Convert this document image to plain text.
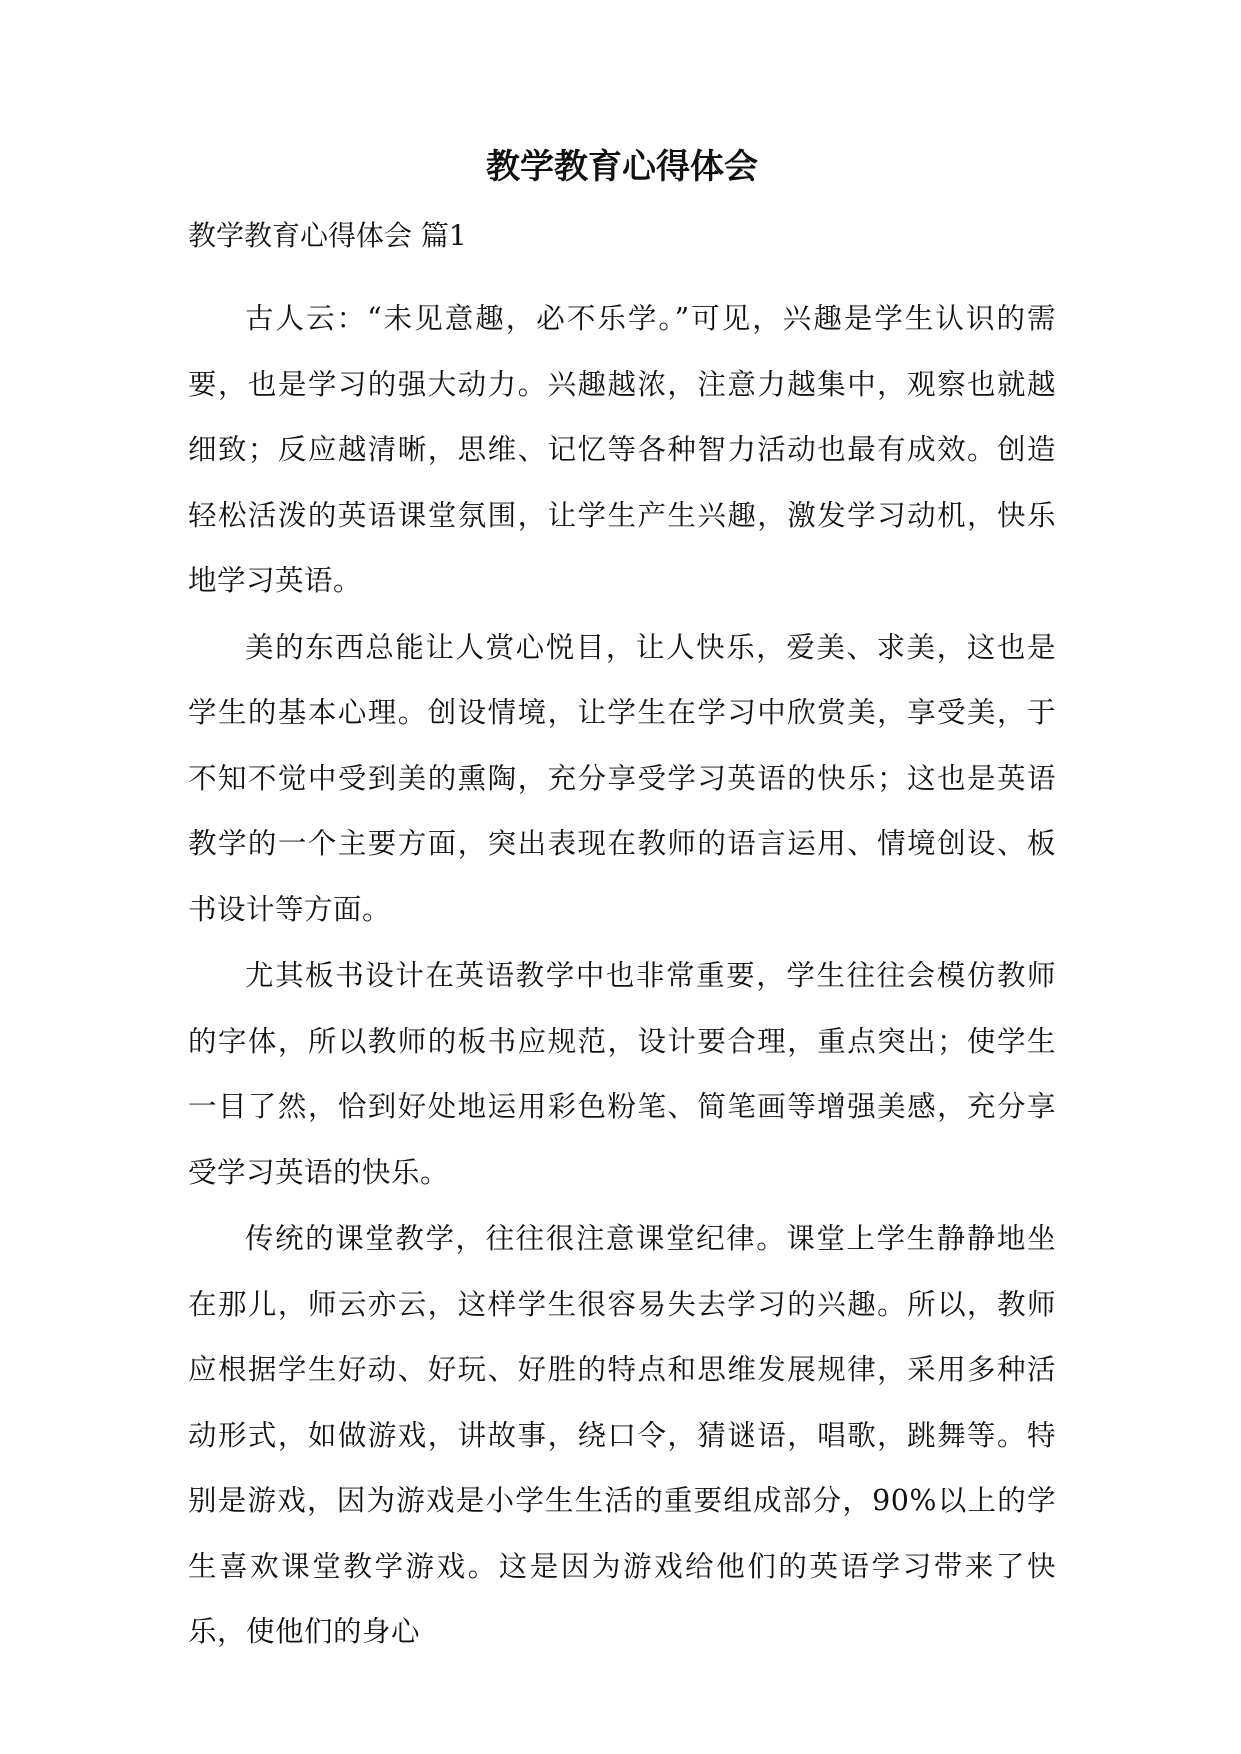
教学教育心得体会
教学教育心得体会 篇1

古人云：“未见意趣，必不乐学。”可见，兴趣是学生认识的需要，也是学习的强大动力。兴趣越浓，注意力越集中，观察也就越细致；反应越清晰，思维、记忆等各种智力活动也最有成效。创造轻松活泼的英语课堂氛围，让学生产生兴趣，激发学习动机，快乐地学习英语。

美的东西总能让人赏心悦目，让人快乐，爱美、求美，这也是学生的基本心理。创设情境，让学生在学习中欣赏美，享受美，于不知不觉中受到美的熏陶，充分享受学习英语的快乐；这也是英语教学的一个主要方面，突出表现在教师的语言运用、情境创设、板书设计等方面。

尤其板书设计在英语教学中也非常重要，学生往往会模仿教师的字体，所以教师的板书应规范，设计要合理，重点突出；使学生一目了然，恰到好处地运用彩色粉笔、简笔画等增强美感，充分享受学习英语的快乐。

传统的课堂教学，往往很注意课堂纪律。课堂上学生静静地坐在那儿，师云亦云，这样学生很容易失去学习的兴趣。所以，教师应根据学生好动、好玩、好胜的特点和思维发展规律，采用多种活动形式，如做游戏，讲故事，绕口令，猜谜语，唱歌，跳舞等。特别是游戏，因为游戏是小学生生活的重要组成部分，90%以上的学生喜欢课堂教学游戏。这是因为游戏给他们的英语学习带来了快乐，使他们的身心
